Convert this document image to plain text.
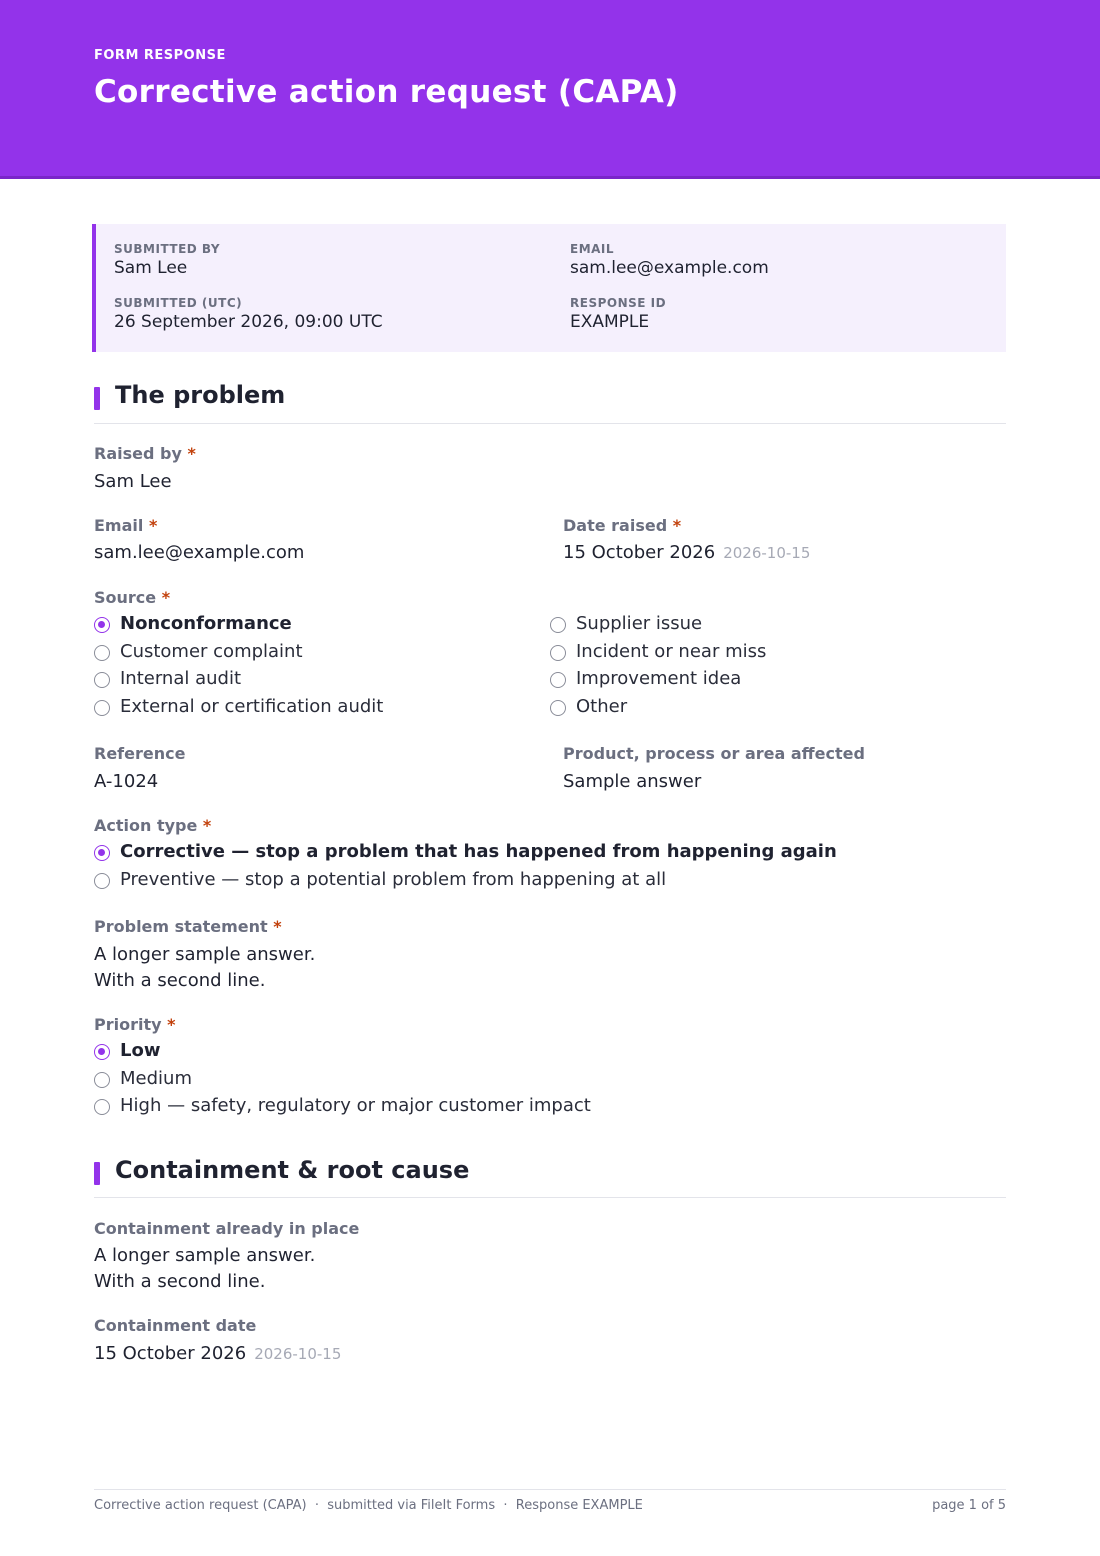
FORM RESPONSE
Corrective action request (CAPA)
SUBMITTED BY
Sam Lee
EMAIL
sam.lee@example.com
SUBMITTED (UTC)
26 September 2026, 09:00 UTC
RESPONSE ID
EXAMPLE
The problem
Raised by *
Sam Lee
Email *
sam.lee@example.com
Date raised *
15 October 2026 2026-10-15
Source *
Nonconformance
Customer complaint
Internal audit
External or certification audit
Supplier issue
Incident or near miss
Improvement idea
Other
Reference
A-1024
Product, process or area affected
Sample answer
Action type *
Corrective — stop a problem that has happened from happening again
Preventive — stop a potential problem from happening at all
Problem statement *
A longer sample answer.
With a second line.
Priority *
Low
Medium
High — safety, regulatory or major customer impact
Containment & root cause
Containment already in place
A longer sample answer.
With a second line.
Containment date
15 October 2026 2026-10-15
Corrective action request (CAPA)  ·  submitted via FileIt Forms  ·  Response EXAMPLE	page 1 of 5
